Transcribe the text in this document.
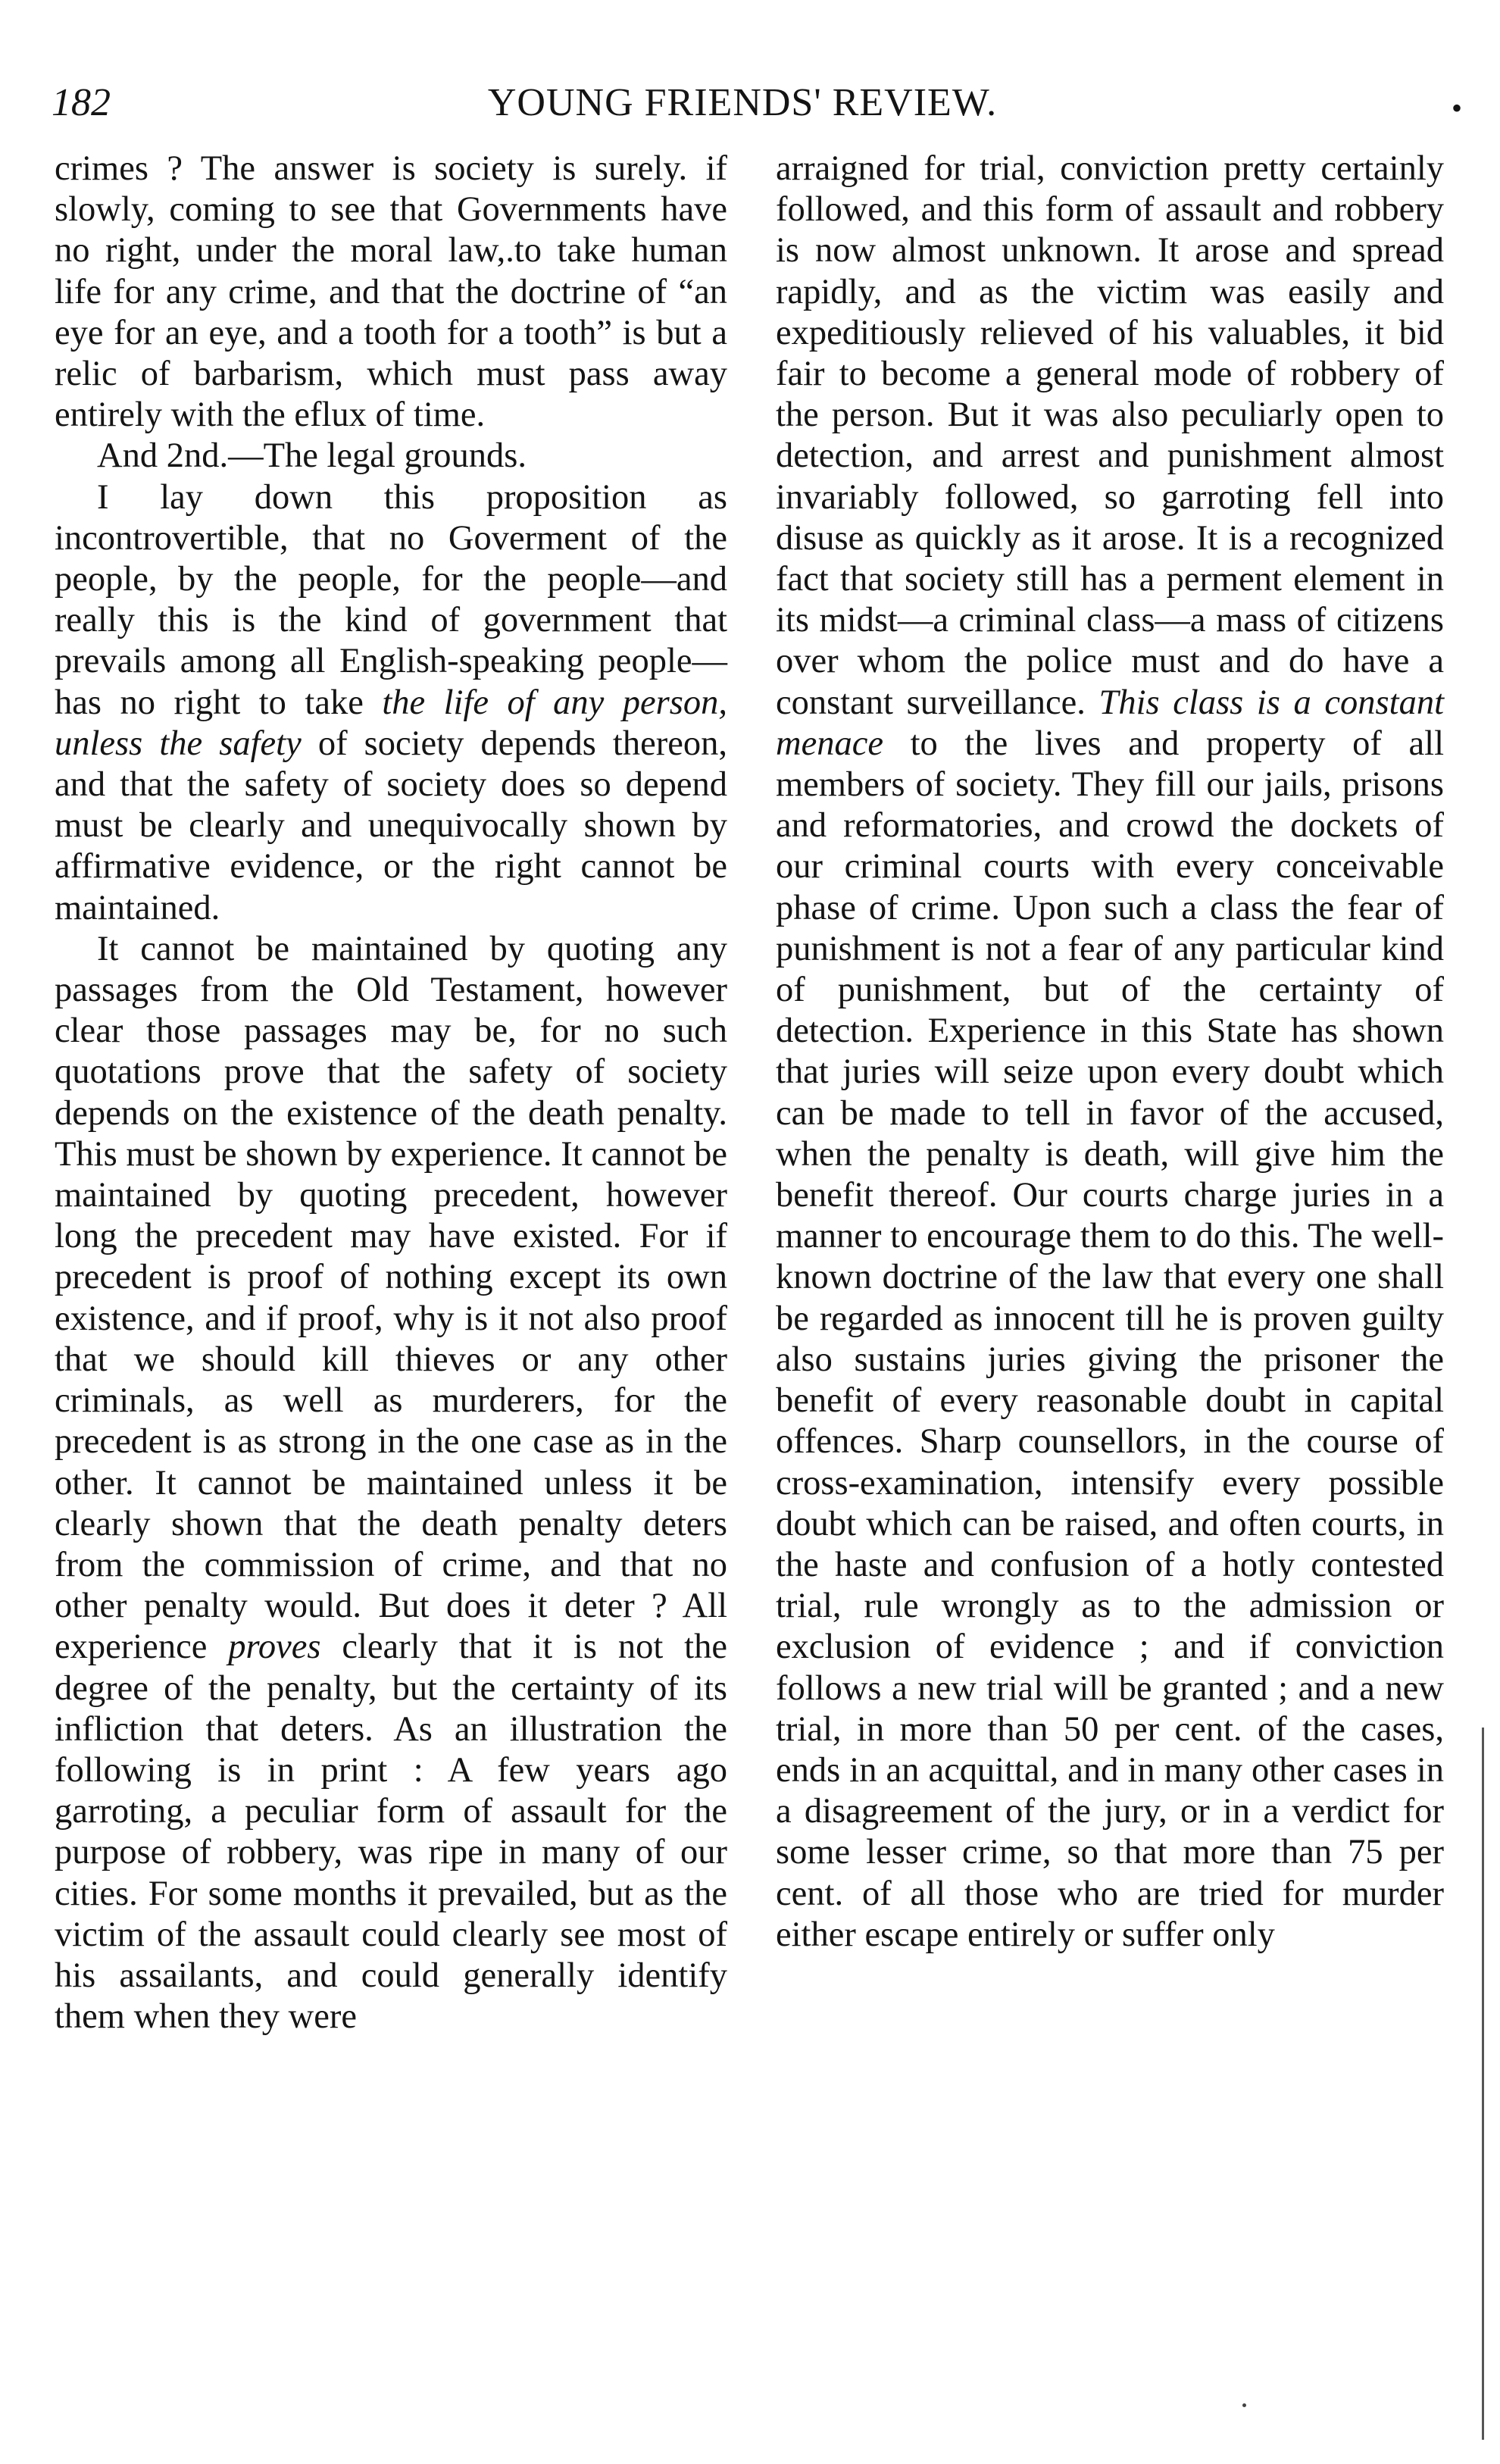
182	YOUNG FRIENDS' REVIEW.	•

crimes ? The answer is society is surely. if slowly, coming to see that Governments have no right, under the moral law,.to take human life for any crime, and that the doctrine of “an eye for an eye, and a tooth for a tooth” is but a relic of barbarism, which must pass away entirely with the eflux of time.

And 2nd.—The legal grounds.

I lay down this proposition as incontrovertible, that no Goverment of the people, by the people, for the people—and really this is the kind of government that prevails among all English-speaking people—has no right to take the life of any person, unless the safety of society depends thereon, and that the safety of society does so depend must be clearly and unequivocally shown by affirmative evidence, or the right cannot be maintained.

It cannot be maintained by quoting any passages from the Old Testament, however clear those passages may be, for no such quotations prove that the safety of society depends on the existence of the death penalty. This must be shown by experience. It cannot be maintained by quoting precedent, however long the precedent may have existed. For if precedent is proof of nothing except its own existence, and if proof, why is it not also proof that we should kill thieves or any other criminals, as well as murderers, for the precedent is as strong in the one case as in the other. It cannot be maintained unless it be clearly shown that the death penalty deters from the commission of crime, and that no other penalty would. But does it deter ? All experience proves clearly that it is not the degree of the penalty, but the certainty of its infliction that deters. As an illustration the following is in print : A few years ago garroting, a peculiar form of assault for the purpose of robbery, was ripe in many of our cities. For some months it prevailed, but as the victim of the assault could clearly see most of his assailants, and could generally identify them when they were

arraigned for trial, conviction pretty certainly followed, and this form of assault and robbery is now almost unknown. It arose and spread rapidly, and as the victim was easily and expeditiously relieved of his valuables, it bid fair to become a general mode of robbery of the person. But it was also peculiarly open to detection, and arrest and punishment almost invariably followed, so garroting fell into disuse as quickly as it arose. It is a recognized fact that society still has a perment element in its midst—a criminal class—a mass of citizens over whom the police must and do have a constant surveillance. This class is a constant menace to the lives and property of all members of society. They fill our jails, prisons and reformatories, and crowd the dockets of our criminal courts with every conceivable phase of crime. Upon such a class the fear of punishment is not a fear of any particular kind of punishment, but of the certainty of detection. Experience in this State has shown that juries will seize upon every doubt which can be made to tell in favor of the accused, when the penalty is death, will give him the benefit thereof. Our courts charge juries in a manner to encourage them to do this. The well-known doctrine of the law that every one shall be regarded as innocent till he is proven guilty also sustains juries giving the prisoner the benefit of every reasonable doubt in capital offences. Sharp counsellors, in the course of cross-examination, intensify every possible doubt which can be raised, and often courts, in the haste and confusion of a hotly contested trial, rule wrongly as to the admission or exclusion of evidence ; and if conviction follows a new trial will be granted ; and a new trial, in more than 50 per cent. of the cases, ends in an acquittal, and in many other cases in a disagreement of the jury, or in a verdict for some lesser crime, so that more than 75 per cent. of all those who are tried for murder either escape entirely or suffer only
